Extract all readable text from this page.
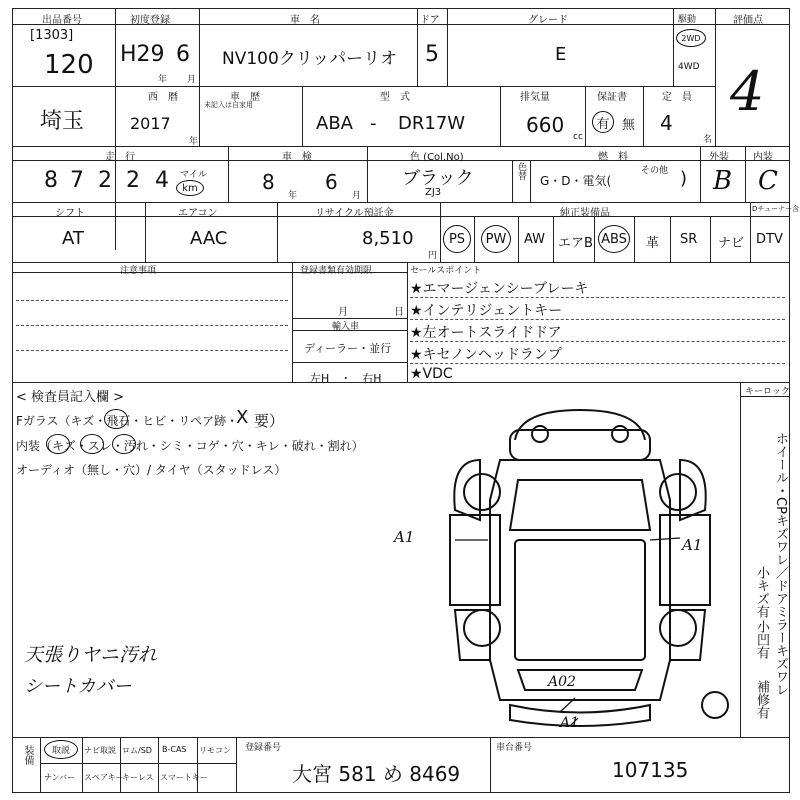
出品番号
[1303]
120
初度登録
H29 6
年 月
車　名
NV100クリッパーリオ
ドア
5
グレード
E
駆動
2WD
4WD
評価点
4
埼玉
西　暦
2017
年
車　歴
未記入は自家用
型　式
ABA - DR17W
排気量
660 cc
保証書
有 無
定　員
4
名
走　行
8 7 2 2 4 マイル
km
車　検
8
年
6
月
色 (Col.No)
ブラック
ZJ3
色替
燃　料
G・D・電気(
その他 )
外装
B
内装
C
シフト
AT
エアコン
AAC
リサイクル預託金
8,510
円
純正装備品	Dチューナー含
PS PW AW エアB ABS 革 SR ナビ DTV
注意事項	登録書類有効期限
月	日
輸入車
ディーラー・並行
左H　・　右H
セールスポイント
★エマージェンシーブレーキ
★インテリジェントキー
★左オートスライドドア
★キセノンヘッドランプ
★VDC
< 検査員記入欄 >
Fガラス（キズ・飛石・ヒビ・リペア跡・
X 要）
内装（キズ・スレ・汚れ・シミ・コゲ・穴・キレ・破れ・割れ）
オーディオ（無し・穴）/ タイヤ（スタッドレス）
天張りヤニ汚れ
シートカバー
キーロック
ホイール・CPキズワレ／ドアミラーキズワレ
小キズ有
小凹有
補修有
A1	A1
A02
A1
装備 取説 ナビ取説 ロム/SD B-CAS リモコン
ナンバー スペアキー
キーレス スマートキー
登録番号
大宮 581 め 8469
車台番号
107135
